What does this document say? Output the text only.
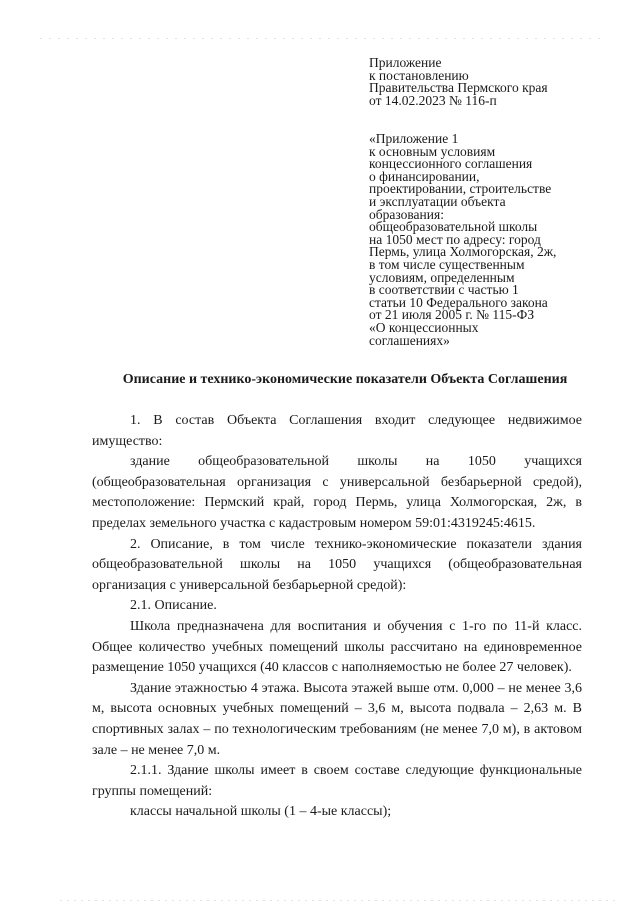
Приложение
к постановлению
Правительства Пермского края
от 14.02.2023 № 116-п
«Приложение 1
к основным условиям
концессионного соглашения
о финансировании,
проектировании, строительстве
и эксплуатации объекта
образования:
общеобразовательной школы
на 1050 мест по адресу: город
Пермь, улица Холмогорская, 2ж,
в том числе существенным
условиям, определенным
в соответствии с частью 1
статьи 10 Федерального закона
от 21 июля 2005 г. № 115-ФЗ
«О концессионных
соглашениях»
Описание и технико-экономические показатели Объекта Соглашения

1. В состав Объекта Соглашения входит следующее недвижимое имущество:

здание общеобразовательной школы на 1050 учащихся (общеобразовательная организация с универсальной безбарьерной средой), местоположение: Пермский край, город Пермь, улица Холмогорская, 2ж, в пределах земельного участка с кадастровым номером 59:01:4319245:4615.

2. Описание, в том числе технико-экономические показатели здания общеобразовательной школы на 1050 учащихся (общеобразовательная организация с универсальной безбарьерной средой):

2.1. Описание.

Школа предназначена для воспитания и обучения с 1-го по 11-й класс. Общее количество учебных помещений школы рассчитано на единовременное размещение 1050 учащихся (40 классов с наполняемостью не более 27 человек).

Здание этажностью 4 этажа. Высота этажей выше отм. 0,000 – не менее 3,6 м, высота основных учебных помещений – 3,6 м, высота подвала – 2,63 м. В спортивных залах – по технологическим требованиям (не менее 7,0 м), в актовом зале – не менее 7,0 м.

2.1.1. Здание школы имеет в своем составе следующие функциональные группы помещений:

классы начальной школы (1 – 4-ые классы);
